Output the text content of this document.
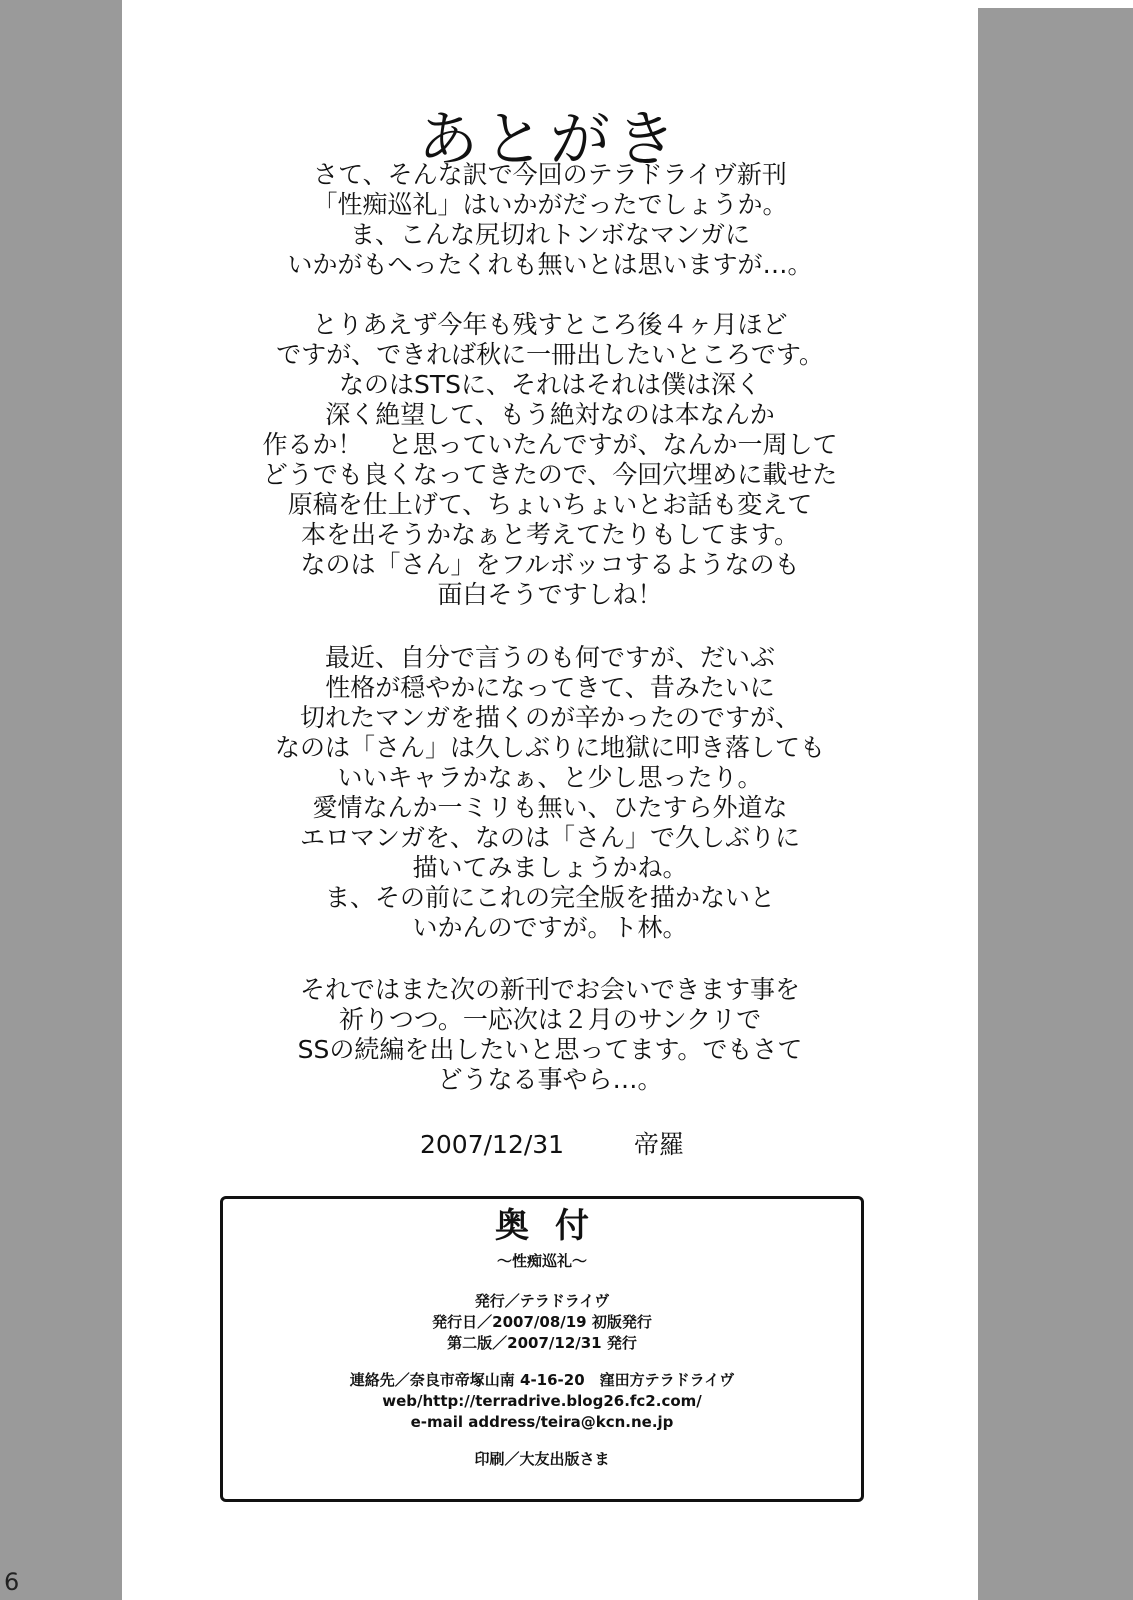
あとがき
さて、そんな訳で今回のテラドライヴ新刊
「性痴巡礼」はいかがだったでしょうか。
ま、こんな尻切れトンボなマンガに
いかがもへったくれも無いとは思いますが…。
とりあえず今年も残すところ後４ヶ月ほど
ですが、できれば秋に一冊出したいところです。
なのはSTSに、それはそれは僕は深く
深く絶望して、もう絶対なのは本なんか
作るか！　と思っていたんですが、なんか一周して
どうでも良くなってきたので、今回穴埋めに載せた
原稿を仕上げて、ちょいちょいとお話も変えて
本を出そうかなぁと考えてたりもしてます。
なのは「さん」をフルボッコするようなのも
面白そうですしね！
最近、自分で言うのも何ですが、だいぶ
性格が穏やかになってきて、昔みたいに
切れたマンガを描くのが辛かったのですが、
なのは「さん」は久しぶりに地獄に叩き落しても
いいキャラかなぁ、と少し思ったり。
愛情なんか一ミリも無い、ひたすら外道な
エロマンガを、なのは「さん」で久しぶりに
描いてみましょうかね。
ま、その前にこれの完全版を描かないと
いかんのですが。ト林。
それではまた次の新刊でお会いできます事を
祈りつつ。一応次は２月のサンクリで
SSの続編を出したいと思ってます。でもさて
どうなる事やら…。
2007/12/31	帝羅
奥付
～性痴巡礼～
発行／テラドライヴ
発行日／2007/08/19 初版発行
第二版／2007/12/31 発行
連絡先／奈良市帝塚山南 4-16-20　窪田方テラドライヴ
web/http://terradrive.blog26.fc2.com/
e-mail address/teira@kcn.ne.jp
印刷／大友出版さま
6
